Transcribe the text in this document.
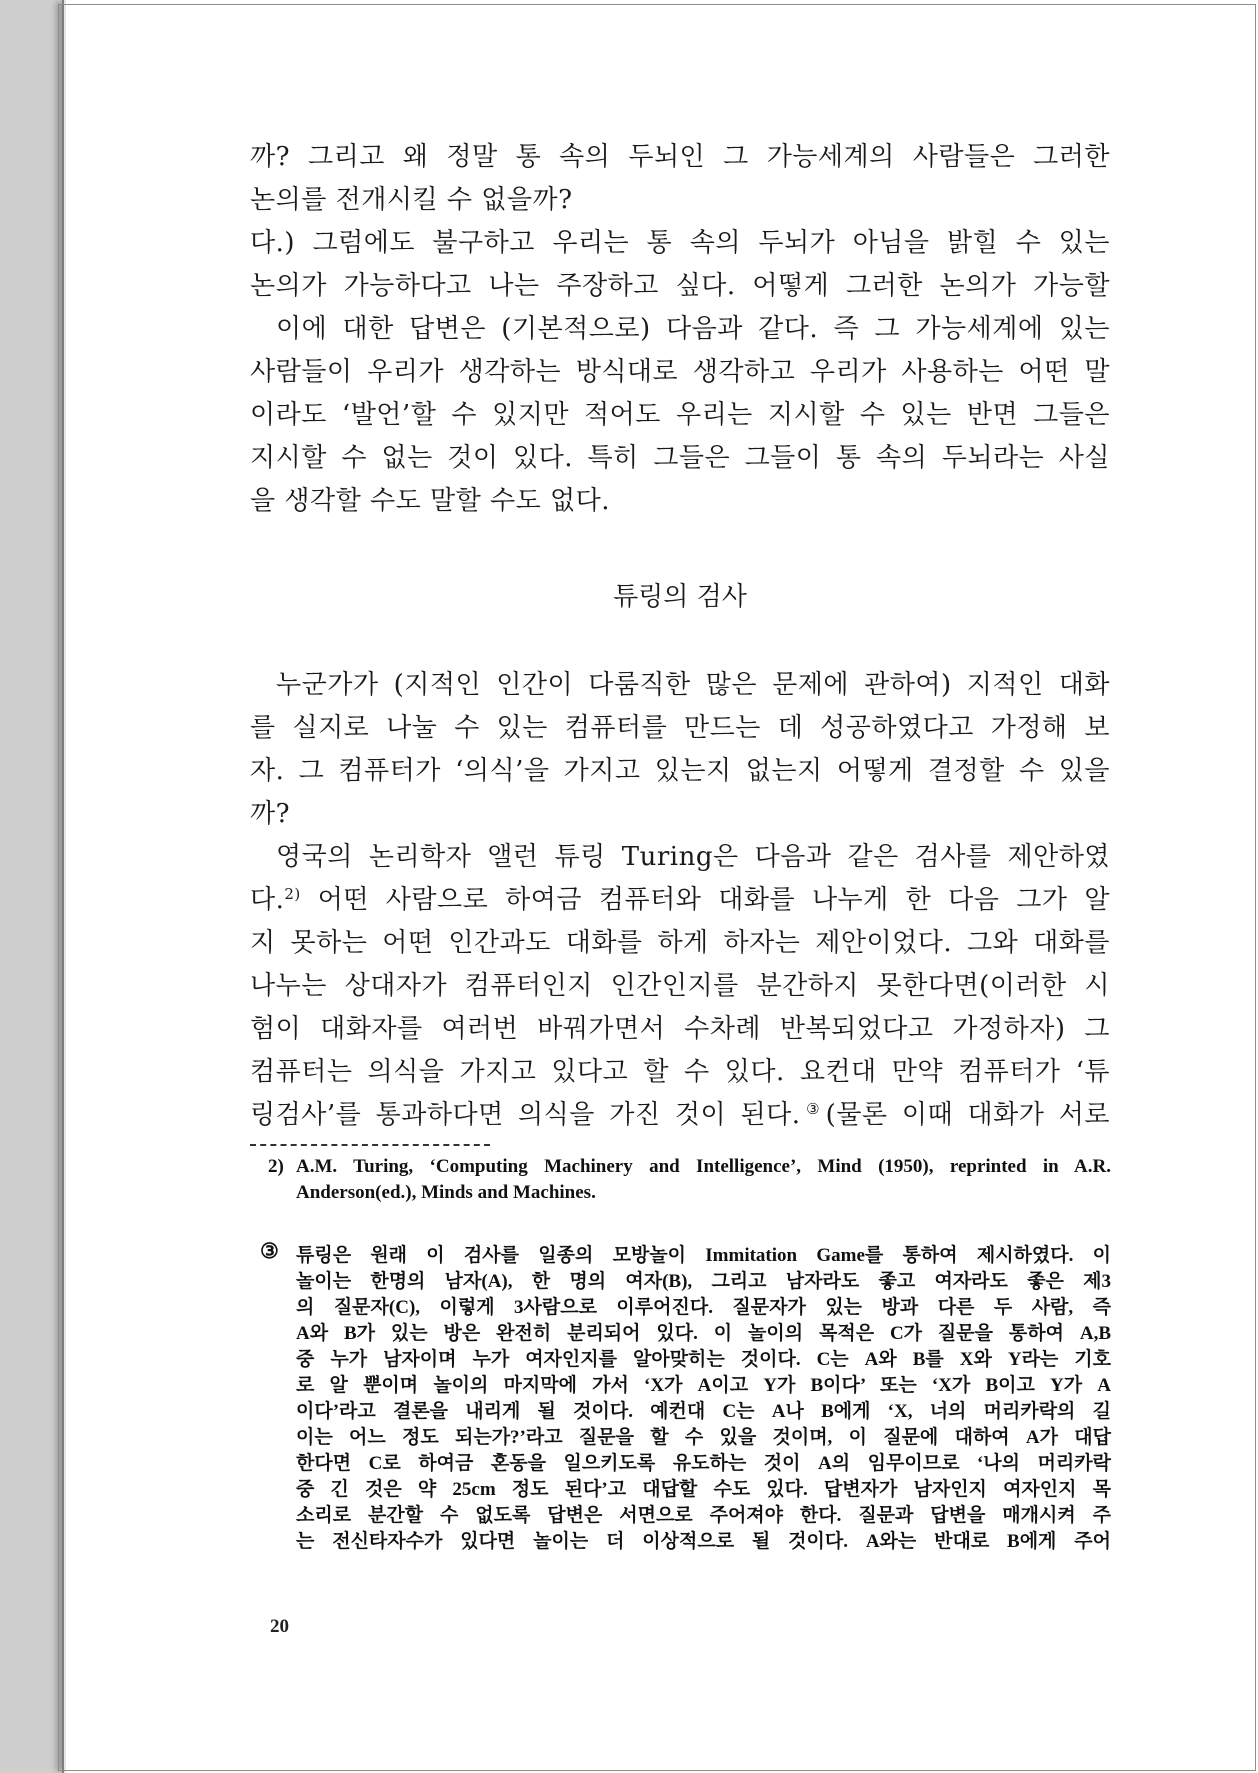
까? 그리고 왜 정말 통 속의 두뇌인 그 가능세계의 사람들은 그러한
논의를 전개시킬 수 없을까?
다.) 그럼에도 불구하고 우리는 통 속의 두뇌가 아님을 밝힐 수 있는
논의가 가능하다고 나는 주장하고 싶다. 어떻게 그러한 논의가 가능할
이에 대한 답변은 (기본적으로) 다음과 같다. 즉 그 가능세계에 있는
사람들이 우리가 생각하는 방식대로 생각하고 우리가 사용하는 어떤 말
이라도 ‘발언’할 수 있지만 적어도 우리는 지시할 수 있는 반면 그들은
지시할 수 없는 것이 있다. 특히 그들은 그들이 통 속의 두뇌라는 사실
을 생각할 수도 말할 수도 없다.
튜링의 검사
누군가가 (지적인 인간이 다룸직한 많은 문제에 관하여) 지적인 대화
를 실지로 나눌 수 있는 컴퓨터를 만드는 데 성공하였다고 가정해 보
자. 그 컴퓨터가 ‘의식’을 가지고 있는지 없는지 어떻게 결정할 수 있을
까?
영국의 논리학자 앨런 튜링 Turing은 다음과 같은 검사를 제안하였
다.$^{2)}$ 어떤 사람으로 하여금 컴퓨터와 대화를 나누게 한 다음 그가 알
지 못하는 어떤 인간과도 대화를 하게 하자는 제안이었다. 그와 대화를
나누는 상대자가 컴퓨터인지 인간인지를 분간하지 못한다면(이러한 시
험이 대화자를 여러번 바꿔가면서 수차례 반복되었다고 가정하자) 그
컴퓨터는 의식을 가지고 있다고 할 수 있다. 요컨대 만약 컴퓨터가 ‘튜
링검사’를 통과하다면 의식을 가진 것이 된다.③(물론 이때 대화가 서로
2) A.M. Turing, ‘Computing Machinery and Intelligence’, Mind (1950), reprinted in A.R.
Anderson(ed.), Minds and Machines.
③ 튜링은 원래 이 검사를 일종의 모방놀이 Immitation Game를 통하여 제시하였다. 이
놀이는 한명의 남자(A), 한 명의 여자(B), 그리고 남자라도 좋고 여자라도 좋은 제3
의 질문자(C), 이렇게 3사람으로 이루어진다. 질문자가 있는 방과 다른 두 사람, 즉
A와 B가 있는 방은 완전히 분리되어 있다. 이 놀이의 목적은 C가 질문을 통하여 A,B
중 누가 남자이며 누가 여자인지를 알아맞히는 것이다. C는 A와 B를 X와 Y라는 기호
로 알 뿐이며 놀이의 마지막에 가서 ‘X가 A이고 Y가 B이다’ 또는 ‘X가 B이고 Y가 A
이다’라고 결론을 내리게 될 것이다. 예컨대 C는 A나 B에게 ‘X, 너의 머리카락의 길
이는 어느 정도 되는가?’라고 질문을 할 수 있을 것이며, 이 질문에 대하여 A가 대답
한다면 C로 하여금 혼동을 일으키도록 유도하는 것이 A의 임무이므로 ‘나의 머리카락
중 긴 것은 약 25cm 정도 된다’고 대답할 수도 있다. 답변자가 남자인지 여자인지 목
소리로 분간할 수 없도록 답변은 서면으로 주어져야 한다. 질문과 답변을 매개시켜 주
는 전신타자수가 있다면 놀이는 더 이상적으로 될 것이다. A와는 반대로 B에게 주어
20
